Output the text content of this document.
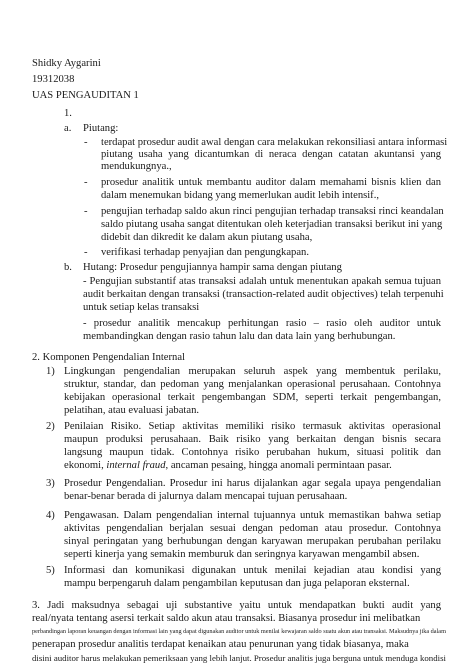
Shidky Aygarini
19312038
UAS PENGAUDITAN 1
1.
a. Piutang:
- terdapat prosedur audit awal dengan cara melakukan rekonsiliasi antara informasi
piutang usaha yang dicantumkan di neraca dengan catatan akuntansi yang
mendukungnya.,
- prosedur analitik untuk membantu auditor dalam memahami bisnis klien dan
dalam menemukan bidang yang memerlukan audit lebih intensif.,
- pengujian terhadap saldo akun rinci pengujian terhadap transaksi rinci keandalan
saldo piutang usaha sangat ditentukan oleh keterjadian transaksi berikut ini yang
didebit dan dikredit ke dalam akun piutang usaha,
- verifikasi terhadap penyajian dan pengungkapan.
b. Hutang: Prosedur pengujiannya hampir sama dengan piutang
- Pengujian substantif atas transaksi adalah untuk menentukan apakah semua tujuan
audit berkaitan dengan transaksi (transaction-related audit objectives) telah terpenuhi
untuk setiap kelas transaksi
- prosedur analitik mencakup perhitungan rasio – rasio oleh auditor untuk
membandingkan dengan rasio tahun lalu dan data lain yang berhubungan.
2. Komponen Pengendalian Internal
1) Lingkungan pengendalian merupakan seluruh aspek yang membentuk perilaku,
struktur, standar, dan pedoman yang menjalankan operasional perusahaan. Contohnya
kebijakan operasional terkait pengembangan SDM, seperti terkait pengembangan,
pelatihan, atau evaluasi jabatan.
2) Penilaian Risiko. Setiap aktivitas memiliki risiko termasuk aktivitas operasional
maupun produksi perusahaan. Baik risiko yang berkaitan dengan bisnis secara
langsung maupun tidak. Contohnya risiko perubahan hukum, situasi politik dan
ekonomi, internal fraud, ancaman pesaing, hingga anomali permintaan pasar.
3) Prosedur Pengendalian. Prosedur ini harus dijalankan agar segala upaya pengendalian
benar-benar berada di jalurnya dalam mencapai tujuan perusahaan.
4) Pengawasan. Dalam pengendalian internal tujuannya untuk memastikan bahwa setiap
aktivitas pengendalian berjalan sesuai dengan pedoman atau prosedur. Contohnya
sinyal peringatan yang berhubungan dengan karyawan merupakan perubahan perilaku
seperti kinerja yang semakin memburuk dan seringnya karyawan mengambil absen.
5) Informasi dan komunikasi digunakan untuk menilai kejadian atau kondisi yang
mampu berpengaruh dalam pengambilan keputusan dan juga pelaporan eksternal.
3. Jadi maksudnya sebagai uji substantive yaitu untuk mendapatkan bukti audit yang
real/nyata tentang asersi terkait saldo akun atau transaksi. Biasanya prosedur ini melibatkan
perbandingan laporan keuangan dengan informasi lain yang dapat digunakan auditor untuk menilai kewajaran saldo suatu akun atau transaksi. Maksudnya jika dalam
penerapan prosedur analitis terdapat kenaikan atau penurunan yang tidak biasanya, maka
disini auditor harus melakukan pemeriksaan yang lebih lanjut. Prosedur analitis juga berguna untuk menduga kondisi
